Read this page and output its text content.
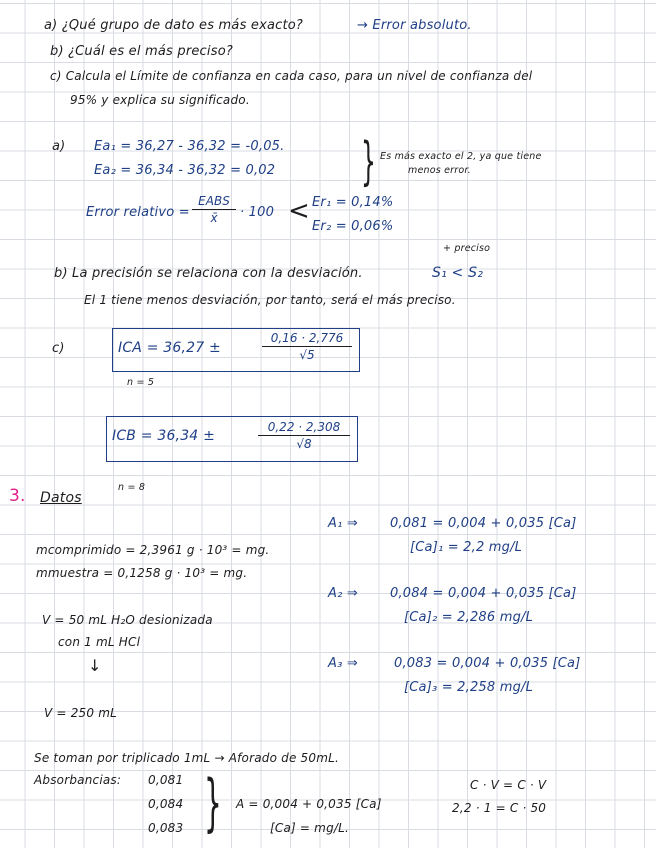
a) ¿Qué grupo de dato es más exacto?	→ Error absoluto.
b) ¿Cuál es el más preciso?
c) Calcula el Límite de confianza en cada caso, para un nivel de confianza del
95% y explica su significado.
a) Ea₁ = 36,27 - 36,32 = -0,05.
Ea₂ = 36,34 - 36,32 = 0,02 } Es más exacto el 2, ya que tiene
menos error.
Error relativo =
EABS
x̄	· 100 < Er₁ = 0,14%
Er₂ = 0,06%
+ preciso
b) La precisión se relaciona con la desviación.	S₁ < S₂
El 1 tiene menos desviación, por tanto, será el más preciso.
c)	ICA = 36,27 ±	$\frac{0,16 \cdot 2,776}{√5}$
n = 5
ICB = 36,34 ±	$\frac{0,22 \cdot 2,308}{√8}$
n = 8
3. Datos
mcomprimido = 2,3961 g · 10³ = mg.
mmuestra = 0,1258 g · 10³ = mg.
V = 50 mL H₂O desionizada
con 1 mL HCl
↓
V = 250 mL
A₁ ⇒ 0,081 = 0,004 + 0,035 [Ca]
[Ca]₁ = 2,2 mg/L
A₂ ⇒ 0,084 = 0,004 + 0,035 [Ca]
[Ca]₂ = 2,286 mg/L
A₃ ⇒	0,083 = 0,004 + 0,035 [Ca]
[Ca]₃ = 2,258 mg/L
Se toman por triplicado 1mL → Aforado de 50mL.
Absorbancias: 0,081
0,084
0,083 } A = 0,004 + 0,035 [Ca]
[Ca] = mg/L.
C · V = C · V
2,2 · 1 = C · 50
